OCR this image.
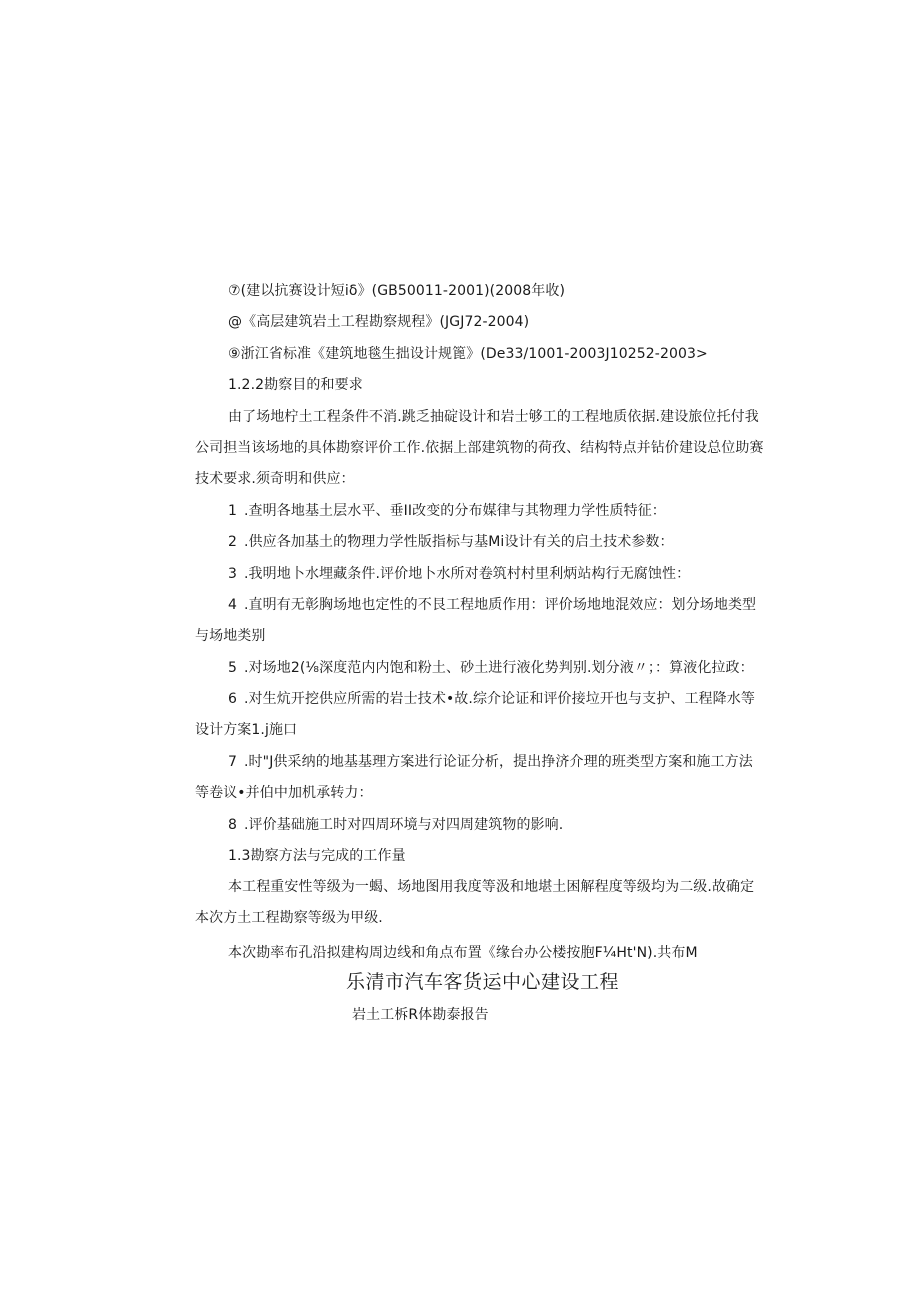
⑦(建以抗赛设计短iδ》(GB50011-2001)(2008年收)
@《高层建筑岩土工程勘察规程》(JGJ72-2004)
⑨浙江省标准《建筑地毯生拙设计规篦》(De33/1001-2003J10252-2003>
1.2.2勘察目的和要求
由了场地柠土工程条件不消.跳乏抽碇设计和岩士够工的工程地质依据.建设旅位托付我
公司担当该场地的具体勘察评价工作.依据上部建筑物的荷孜、结构特点并钻价建设总位助赛
技术要求.须奇明和供应：
1 .查明各地基土层水平、垂II改变的分布媒律与其物理力学性质特征：
2 .供应各加基土的物理力学性版指标与基Mi设计有关的启土技术参数：
3 .我明地卜水埋藏条件.评价地卜水所对卷筑村村里利炳站构行无腐蚀性：
4 .直明有无彰胸场地也定性的不艮工程地质作用：评价场地地混效应：划分场地类型
与场地类别
5 .对场地2(⅛深度范内内饱和粉土、砂土进行液化势判别.划分液〃；：算液化拉政：
6 .对生炕开挖供应所需的岩士技术•故.综介论证和评价接垃开也与支护、工程降水等
设计方案1.j施口
7 .时"J供采纳的地基基理方案进行论证分析，提出挣济介理的班类型方案和施工方法
等卷议•并伯中加机承转力：
8 .评价基础施工时对四周环境与对四周建筑物的影响.
1.3勘察方法与完成的工作量
本工程重安性等级为一蝎、场地图用我度等汲和地堪土困解程度等级均为二级.故确定
本次方土工程勘察等级为甲级.
本次勘率布孔沿拟建构周边线和角点布置《缘台办公楼按胞F¼Ht'N).共布M
乐清市汽车客货运中心建设工程
岩土工柝R体勘泰报告
